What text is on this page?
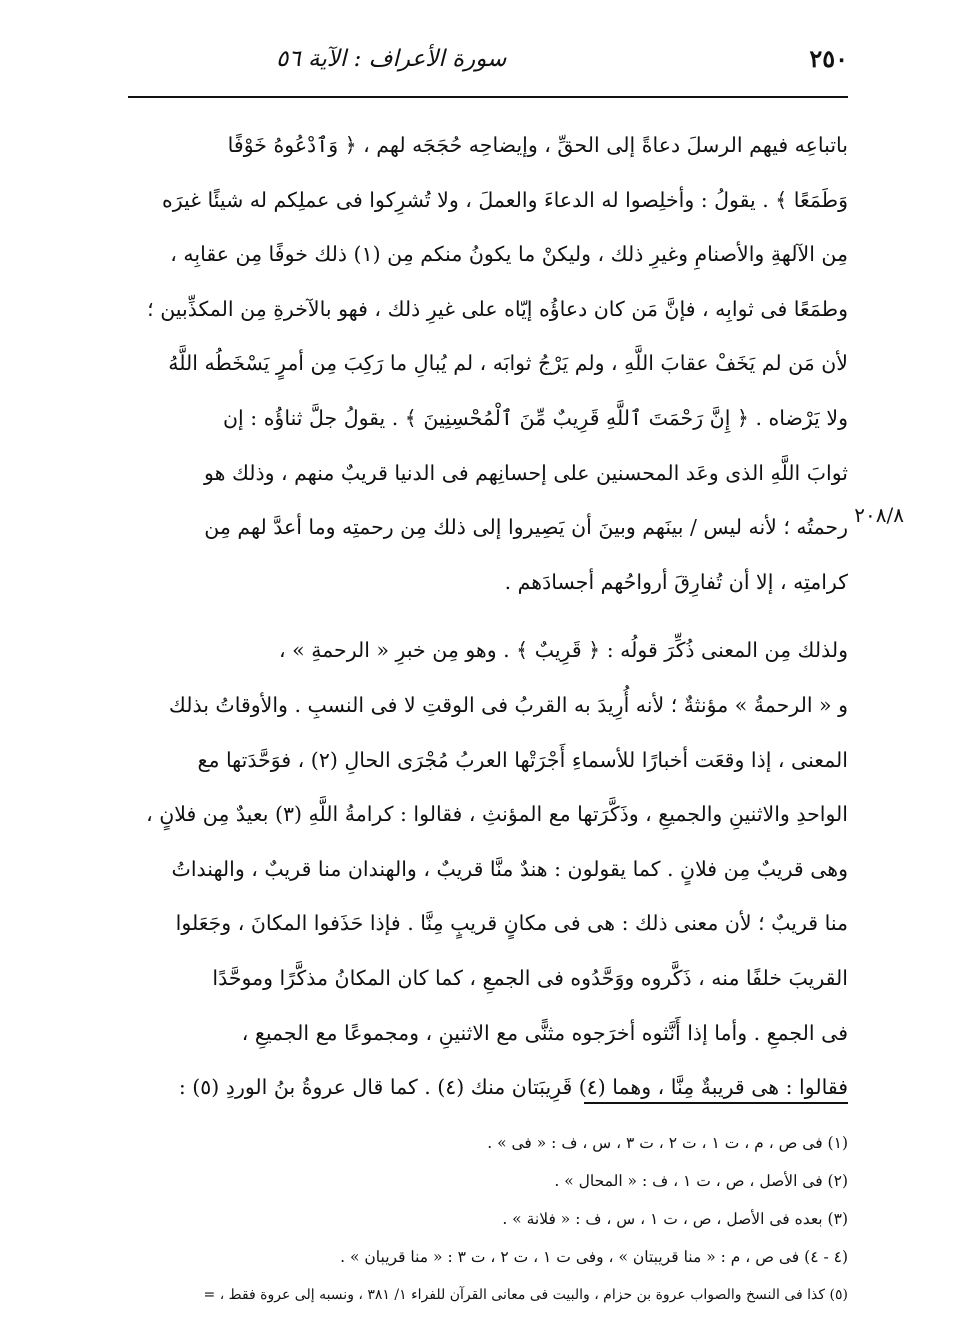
٢٥٠
سورة الأعراف : الآية ٥٦
٢٠٨/٨

باتباعِه فيهم الرسلَ دعاةً إلى الحقِّ ، وإيضاحِه حُجَجَه لهم ، ﴿ وَٱدْعُوهُ خَوْفًا

وَطَمَعًا ﴾ . يقولُ : وأخلِصوا له الدعاءَ والعملَ ، ولا تُشرِكوا فى عملِكم له شيئًا غيرَه

مِن الآلهةِ والأصنامِ وغيرِ ذلك ، وليكنْ ما يكونُ منكم مِن (١) ذلك خوفًا مِن عقابِه ،

وطمَعًا فى ثوابِه ، فإنَّ مَن كان دعاؤُه إيّاه على غيرِ ذلك ، فهو بالآخرةِ مِن المكذِّبين ؛

لأن مَن لم يَخَفْ عقابَ اللَّهِ ، ولم يَرْجُ ثوابَه ، لم يُبالِ ما رَكِبَ مِن أمرٍ يَسْخَطُه اللَّهُ

ولا يَرْضاه . ﴿ إِنَّ رَحْمَتَ ٱللَّهِ قَرِيبٌ مِّنَ ٱلْمُحْسِنِينَ ﴾ . يقولُ جلَّ ثناؤُه : إن

ثوابَ اللَّهِ الذى وعَد المحسنين على إحسانِهم فى الدنيا قريبٌ منهم ، وذلك هو

رحمتُه ؛ لأنه ليس / بينَهم وبينَ أن يَصِيروا إلى ذلك مِن رحمتِه وما أعدَّ لهم مِن

كرامتِه ، إلا أن تُفارِقَ أرواحُهم أجسادَهم .

ولذلك مِن المعنى ذُكِّرَ قولُه : ﴿ قَرِيبٌ ﴾ . وهو مِن خبرِ « الرحمةِ » ،

و « الرحمةُ » مؤنثةٌ ؛ لأنه أُرِيدَ به القربُ فى الوقتِ لا فى النسبِ . والأوقاتُ بذلك

المعنى ، إذا وقعَت أخبارًا للأسماءِ أَجْرَتْها العربُ مُجْرَى الحالِ (٢) ، فوَحَّدَتها مع

الواحدِ والاثنينِ والجميعِ ، وذَكَّرَتها مع المؤنثِ ، فقالوا : كرامةُ اللَّهِ (٣) بعيدٌ مِن فلانٍ ،

وهى قريبٌ مِن فلانٍ . كما يقولون : هندٌ منَّا قريبٌ ، والهندان منا قريبٌ ، والهنداتُ

منا قريبٌ ؛ لأن معنى ذلك : هى فى مكانٍ قريبٍ مِنَّا . فإذا حَذَفوا المكانَ ، وجَعَلوا

القريبَ خلفًا منه ، ذَكَّروه ووَحَّدُوه فى الجمعِ ، كما كان المكانُ مذكَّرًا وموحَّدًا

فى الجمعِ . وأما إذا أَنَّثوه أخرَجوه مثنًّى مع الاثنينِ ، ومجموعًا مع الجميعِ ،

فقالوا : هى قريبةٌ مِنَّا ، وهما (٤) قَرِيبَتان منك (٤) . كما قال عروةُ بنُ الوردِ (٥) :

(١) فى ص ، م ، ت ١ ، ت ٢ ، ت ٣ ، س ، ف : « فى » .

(٢) فى الأصل ، ص ، ت ١ ، ف : « المحال » .

(٣) بعده فى الأصل ، ص ، ت ١ ، س ، ف : « فلانة » .

(٤ - ٤) فى ص ، م : « منا قريبتان » ، وفى ت ١ ، ت ٢ ، ت ٣ : « منا قريبان » .

(٥) كذا فى النسخ والصواب عروة بن حزام ، والبيت فى معانى القرآن للفراء ١/ ٣٨١ ، ونسبه إلى عروة فقط ، =
